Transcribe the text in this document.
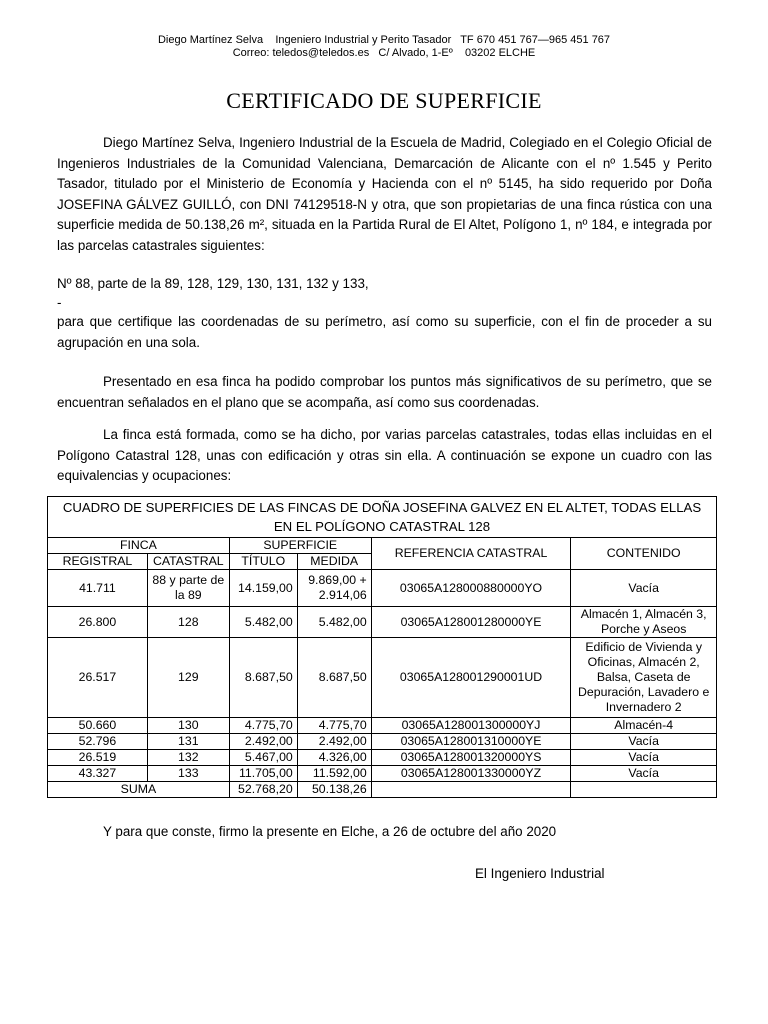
Diego Martínez Selva    Ingeniero Industrial y Perito Tasador   TF 670 451 767—965 451 767
Correo: teledos@teledos.es   C/ Alvado, 1-Eº    03202 ELCHE
CERTIFICADO DE SUPERFICIE
Diego Martínez Selva, Ingeniero Industrial de la Escuela de Madrid, Colegiado en el Colegio Oficial de Ingenieros Industriales de la Comunidad Valenciana, Demarcación de Alicante con el nº 1.545 y Perito Tasador, titulado por el Ministerio de Economía y Hacienda con el nº 5145, ha sido requerido por Doña JOSEFINA GÁLVEZ GUILLÓ, con DNI 74129518-N y otra, que son propietarias de una finca rústica con una superficie medida de 50.138,26 m², situada en la Partida Rural de El Altet, Polígono 1, nº 184, e integrada por las parcelas catastrales siguientes:
Nº 88, parte de la 89, 128, 129, 130, 131, 132 y 133,
-
para que certifique las coordenadas de su perímetro, así como su superficie, con el fin de proceder a su agrupación en una sola.
Presentado en esa finca ha podido comprobar los puntos más significativos de su perímetro, que se encuentran señalados en el plano que se acompaña, así como sus coordenadas.
La finca está formada, como se ha dicho, por varias parcelas catastrales, todas ellas incluidas en el Polígono Catastral 128, unas con edificación y otras sin ella. A continuación se expone un cuadro con las equivalencias y ocupaciones:
CUADRO DE SUPERFICIES DE LAS FINCAS DE DOÑA JOSEFINA GALVEZ EN EL ALTET, TODAS ELLAS EN EL POLÍGONO CATASTRAL 128					
FINCA		SUPERFICIE		REFERENCIA CATASTRAL	CONTENIDO
REGISTRAL	CATASTRAL	TÍTULO	MEDIDA		
41.711	88 y parte de la 89	14.159,00	9.869,00 + 2.914,06	03065A128000880000YO	Vacía
26.800	128	5.482,00	5.482,00	03065A128001280000YE	Almacén 1, Almacén 3, Porche y Aseos
26.517	129	8.687,50	8.687,50	03065A128001290001UD	Edificio de Vivienda y Oficinas, Almacén 2, Balsa, Caseta de Depuración, Lavadero e Invernadero 2
50.660	130	4.775,70	4.775,70	03065A128001300000YJ	Almacén-4
52.796	131	2.492,00	2.492,00	03065A128001310000YE	Vacía
26.519	132	5.467,00	4.326,00	03065A128001320000YS	Vacía
43.327	133	11.705,00	11.592,00	03065A128001330000YZ	Vacía
SUMA		52.768,20	50.138,26		
Y para que conste, firmo la presente en Elche, a 26 de octubre del año 2020
El Ingeniero Industrial
